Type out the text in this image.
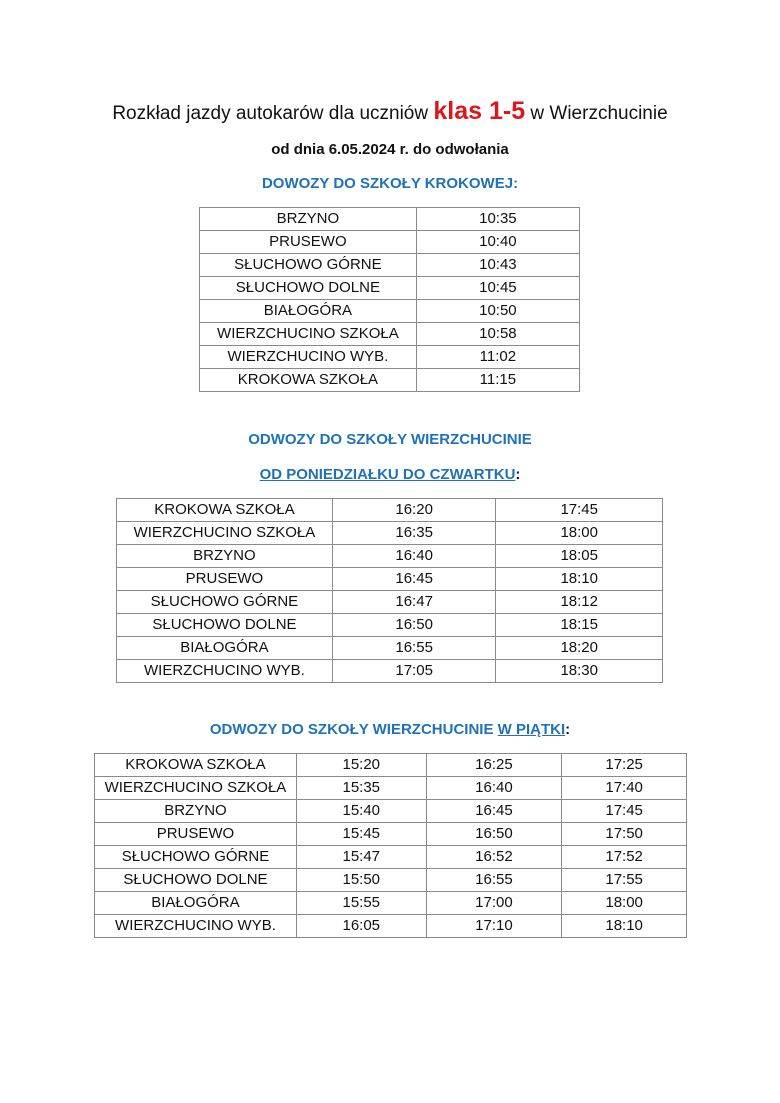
Rozkład jazdy autokarów dla uczniów klas 1-5 w Wierzchucinie
od dnia 6.05.2024 r. do odwołania
DOWOZY DO SZKOŁY KROKOWEJ:
BRZYNO	10:35
PRUSEWO	10:40
SŁUCHOWO GÓRNE	10:43
SŁUCHOWO DOLNE	10:45
BIAŁOGÓRA	10:50
WIERZCHUCINO SZKOŁA	10:58
WIERZCHUCINO WYB.	11:02
KROKOWA SZKOŁA	11:15
ODWOZY DO SZKOŁY WIERZCHUCINIE
OD PONIEDZIAŁKU DO CZWARTKU:
KROKOWA SZKOŁA	16:20	17:45
WIERZCHUCINO SZKOŁA	16:35	18:00
BRZYNO	16:40	18:05
PRUSEWO	16:45	18:10
SŁUCHOWO GÓRNE	16:47	18:12
SŁUCHOWO DOLNE	16:50	18:15
BIAŁOGÓRA	16:55	18:20
WIERZCHUCINO WYB.	17:05	18:30
ODWOZY DO SZKOŁY WIERZCHUCINIE W PIĄTKI:
KROKOWA SZKOŁA	15:20	16:25	17:25
WIERZCHUCINO SZKOŁA	15:35	16:40	17:40
BRZYNO	15:40	16:45	17:45
PRUSEWO	15:45	16:50	17:50
SŁUCHOWO GÓRNE	15:47	16:52	17:52
SŁUCHOWO DOLNE	15:50	16:55	17:55
BIAŁOGÓRA	15:55	17:00	18:00
WIERZCHUCINO WYB.	16:05	17:10	18:10
